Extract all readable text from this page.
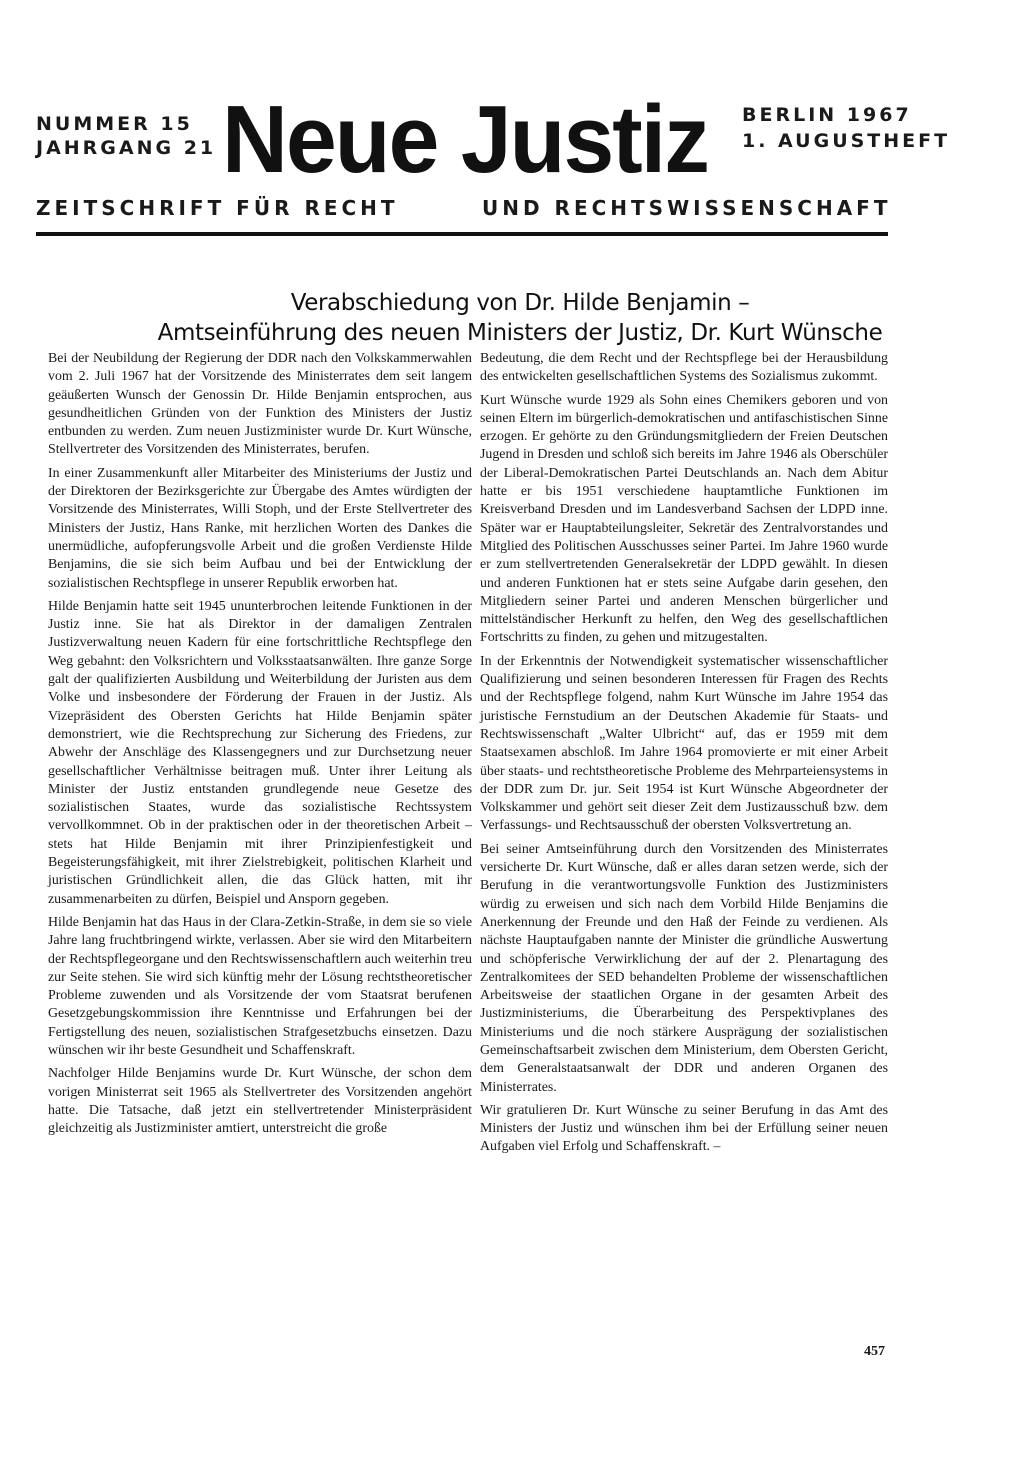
NUMMER 15
JAHRGANG 21 Neue Justiz BERLIN 1967
1. AUGUSTHEFT
ZEITSCHRIFT FÜR RECHT	UND RECHTSWISSENSCHAFT
Verabschiedung von Dr. Hilde Benjamin –
Amtseinführung des neuen Ministers der Justiz, Dr. Kurt Wünsche

Bei der Neubildung der Regierung der DDR nach den Volkskammerwahlen vom 2. Juli 1967 hat der Vorsitzende des Ministerrates dem seit langem geäußerten Wunsch der Genossin Dr. Hilde Benjamin entsprochen, aus gesundheitlichen Gründen von der Funktion des Ministers der Justiz entbunden zu werden. Zum neuen Justizminister wurde Dr. Kurt Wünsche, Stellvertreter des Vorsitzenden des Ministerrates, berufen.

In einer Zusammenkunft aller Mitarbeiter des Ministeriums der Justiz und der Direktoren der Bezirksgerichte zur Übergabe des Amtes würdigten der Vorsitzende des Ministerrates, Willi Stoph, und der Erste Stellvertreter des Ministers der Justiz, Hans Ranke, mit herzlichen Worten des Dankes die unermüdliche, aufopferungsvolle Arbeit und die großen Verdienste Hilde Benjamins, die sie sich beim Aufbau und bei der Entwicklung der sozialistischen Rechtspflege in unserer Republik erworben hat.

Hilde Benjamin hatte seit 1945 ununterbrochen leitende Funktionen in der Justiz inne. Sie hat als Direktor in der damaligen Zentralen Justizverwaltung neuen Kadern für eine fortschrittliche Rechtspflege den Weg gebahnt: den Volksrichtern und Volksstaatsanwälten. Ihre ganze Sorge galt der qualifizierten Ausbildung und Weiterbildung der Juristen aus dem Volke und insbesondere der Förderung der Frauen in der Justiz. Als Vizepräsident des Obersten Gerichts hat Hilde Benjamin später demonstriert, wie die Rechtsprechung zur Sicherung des Friedens, zur Abwehr der Anschläge des Klassengegners und zur Durchsetzung neuer gesellschaftlicher Verhältnisse beitragen muß. Unter ihrer Leitung als Minister der Justiz entstanden grundlegende neue Gesetze des sozialistischen Staates, wurde das sozialistische Rechtssystem vervollkommnet. Ob in der praktischen oder in der theoretischen Arbeit – stets hat Hilde Benjamin mit ihrer Prinzipienfestigkeit und Begeisterungsfähigkeit, mit ihrer Zielstrebigkeit, politischen Klarheit und juristischen Gründlichkeit allen, die das Glück hatten, mit ihr zusammenarbeiten zu dürfen, Beispiel und Ansporn gegeben.

Hilde Benjamin hat das Haus in der Clara-Zetkin-Straße, in dem sie so viele Jahre lang fruchtbringend wirkte, verlassen. Aber sie wird den Mitarbeitern der Rechtspflegeorgane und den Rechtswissenschaftlern auch weiterhin treu zur Seite stehen. Sie wird sich künftig mehr der Lösung rechtstheoretischer Probleme zuwenden und als Vorsitzende der vom Staatsrat berufenen Gesetzgebungskommission ihre Kenntnisse und Erfahrungen bei der Fertigstellung des neuen, sozialistischen Strafgesetzbuchs einsetzen. Dazu wünschen wir ihr beste Gesundheit und Schaffenskraft.

Nachfolger Hilde Benjamins wurde Dr. Kurt Wünsche, der schon dem vorigen Ministerrat seit 1965 als Stellvertreter des Vorsitzenden angehört hatte. Die Tatsache, daß jetzt ein stellvertretender Ministerpräsident gleichzeitig als Justizminister amtiert, unterstreicht die große

Bedeutung, die dem Recht und der Rechtspflege bei der Herausbildung des entwickelten gesellschaftlichen Systems des Sozialismus zukommt.

Kurt Wünsche wurde 1929 als Sohn eines Chemikers geboren und von seinen Eltern im bürgerlich-demokratischen und antifaschistischen Sinne erzogen. Er gehörte zu den Gründungsmitgliedern der Freien Deutschen Jugend in Dresden und schloß sich bereits im Jahre 1946 als Oberschüler der Liberal-Demokratischen Partei Deutschlands an. Nach dem Abitur hatte er bis 1951 verschiedene hauptamtliche Funktionen im Kreisverband Dresden und im Landesverband Sachsen der LDPD inne. Später war er Hauptabteilungsleiter, Sekretär des Zentralvorstandes und Mitglied des Politischen Ausschusses seiner Partei. Im Jahre 1960 wurde er zum stellvertretenden Generalsekretär der LDPD gewählt. In diesen und anderen Funktionen hat er stets seine Aufgabe darin gesehen, den Mitgliedern seiner Partei und anderen Menschen bürgerlicher und mittelständischer Herkunft zu helfen, den Weg des gesellschaftlichen Fortschritts zu finden, zu gehen und mitzugestalten.

In der Erkenntnis der Notwendigkeit systematischer wissenschaftlicher Qualifizierung und seinen besonderen Interessen für Fragen des Rechts und der Rechtspflege folgend, nahm Kurt Wünsche im Jahre 1954 das juristische Fernstudium an der Deutschen Akademie für Staats- und Rechtswissenschaft „Walter Ulbricht“ auf, das er 1959 mit dem Staatsexamen abschloß. Im Jahre 1964 promovierte er mit einer Arbeit über staats- und rechtstheoretische Probleme des Mehrparteiensystems in der DDR zum Dr. jur. Seit 1954 ist Kurt Wünsche Abgeordneter der Volkskammer und gehört seit dieser Zeit dem Justizausschuß bzw. dem Verfassungs- und Rechtsausschuß der obersten Volksvertretung an.

Bei seiner Amtseinführung durch den Vorsitzenden des Ministerrates versicherte Dr. Kurt Wünsche, daß er alles daran setzen werde, sich der Berufung in die verantwortungsvolle Funktion des Justizministers würdig zu erweisen und sich nach dem Vorbild Hilde Benjamins die Anerkennung der Freunde und den Haß der Feinde zu verdienen. Als nächste Hauptaufgaben nannte der Minister die gründliche Auswertung und schöpferische Verwirklichung der auf der 2. Plenartagung des Zentralkomitees der SED behandelten Probleme der wissenschaftlichen Arbeitsweise der staatlichen Organe in der gesamten Arbeit des Justizministeriums, die Überarbeitung des Perspektivplanes des Ministeriums und die noch stärkere Ausprägung der sozialistischen Gemeinschaftsarbeit zwischen dem Ministerium, dem Obersten Gericht, dem Generalstaatsanwalt der DDR und anderen Organen des Ministerrates.

Wir gratulieren Dr. Kurt Wünsche zu seiner Berufung in das Amt des Ministers der Justiz und wünschen ihm bei der Erfüllung seiner neuen Aufgaben viel Erfolg und Schaffenskraft. –

457
